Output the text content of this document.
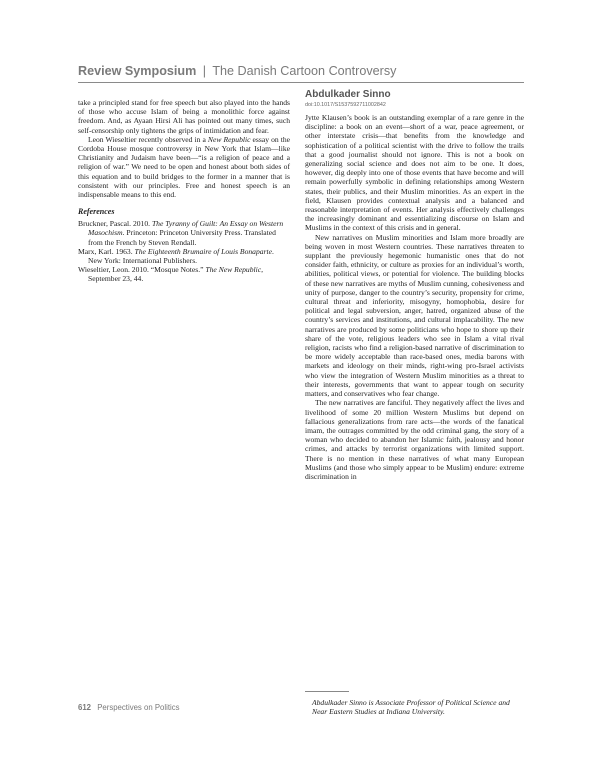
Review Symposium | The Danish Cartoon Controversy

take a principled stand for free speech but also played into the hands of those who accuse Islam of being a monolithic force against freedom. And, as Ayaan Hirsi Ali has pointed out many times, such self-censorship only tightens the grips of intimidation and fear.

Leon Wieseltier recently observed in a New Republic essay on the Cordoba House mosque controversy in New York that Islam—like Christianity and Judaism have been—“is a religion of peace and a religion of war.” We need to be open and honest about both sides of this equation and to build bridges to the former in a manner that is consistent with our principles. Free and honest speech is an indispensable means to this end.

References

Bruckner, Pascal. 2010. The Tyranny of Guilt: An Essay on Western Masochism. Princeton: Princeton University Press. Translated from the French by Steven Rendall.

Marx, Karl. 1963. The Eighteenth Brumaire of Louis Bonaparte. New York: International Publishers.

Wieseltier, Leon. 2010. “Mosque Notes.” The New Republic, September 23, 44.

Abdulkader Sinno
doi:10.1017/S1537592711002842

Jytte Klausen’s book is an outstanding exemplar of a rare genre in the discipline: a book on an event—short of a war, peace agreement, or other interstate crisis—that benefits from the knowledge and sophistication of a political scientist with the drive to follow the trails that a good journalist should not ignore. This is not a book on generalizing social science and does not aim to be one. It does, however, dig deeply into one of those events that have become and will remain powerfully symbolic in defining relationships among Western states, their publics, and their Muslim minorities. As an expert in the field, Klausen provides contextual analysis and a balanced and reasonable interpretation of events. Her analysis effectively challenges the increasingly dominant and essentializing discourse on Islam and Muslims in the context of this crisis and in general.

New narratives on Muslim minorities and Islam more broadly are being woven in most Western countries. These narratives threaten to supplant the previously hegemonic humanistic ones that do not consider faith, ethnicity, or culture as proxies for an individual’s worth, abilities, political views, or potential for violence. The building blocks of these new narratives are myths of Muslim cunning, cohesiveness and unity of purpose, danger to the country’s security, propensity for crime, cultural threat and inferiority, misogyny, homophobia, desire for political and legal subversion, anger, hatred, organized abuse of the country’s services and institutions, and cultural implacability. The new narratives are produced by some politicians who hope to shore up their share of the vote, religious leaders who see in Islam a vital rival religion, racists who find a religion-based narrative of discrimination to be more widely acceptable than race-based ones, media barons with markets and ideology on their minds, right-wing pro-Israel activists who view the integration of Western Muslim minorities as a threat to their interests, governments that want to appear tough on security matters, and conservatives who fear change.

The new narratives are fanciful. They negatively affect the lives and livelihood of some 20 million Western Muslims but depend on fallacious generalizations from rare acts—the words of the fanatical imam, the outrages committed by the odd criminal gang, the story of a woman who decided to abandon her Islamic faith, jealousy and honor crimes, and attacks by terrorist organizations with limited support. There is no mention in these narratives of what many European Muslims (and those who simply appear to be Muslim) endure: extreme discrimination in

Abdulkader Sinno is Associate Professor of Political Science and Near Eastern Studies at Indiana University.
612 Perspectives on Politics
